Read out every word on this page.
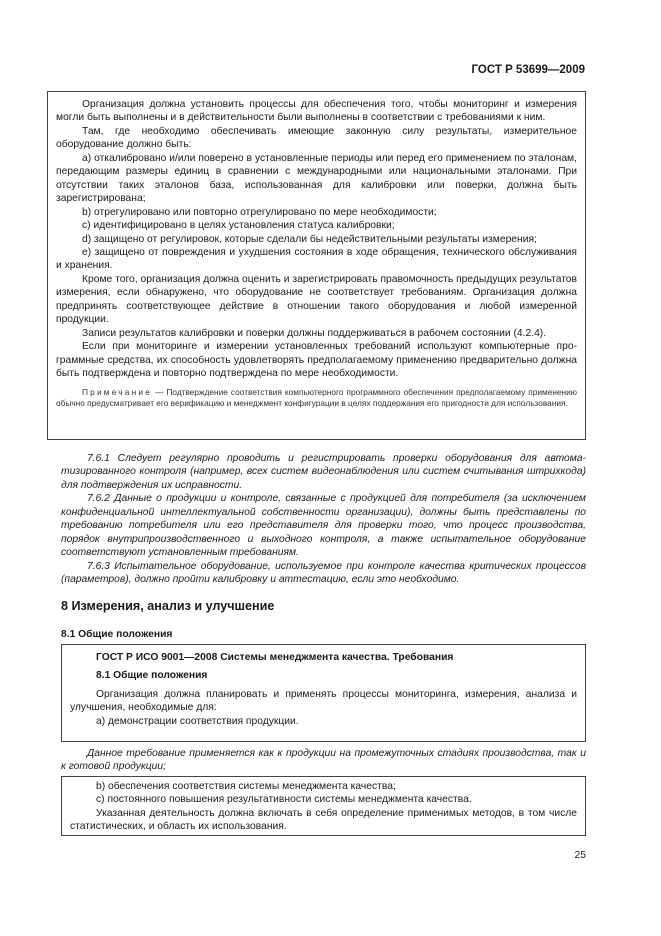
ГОСТ Р 53699—2009

Организация должна установить процессы для обеспечения того, чтобы мониторинг и измерения могли быть выполнены и в действительности были выполнены в соответствии с требованиями к ним.

Там, где необходимо обеспечивать имеющие законную силу результаты, измерительное оборудование должно быть:

а) откалибровано и/или поверено в установленные периоды или перед его применением по эталонам, передающим размеры единиц в сравнении с международными или национальными эталонами. При отсутствии таких эталонов база, использованная для калибровки или поверки, должна быть зарегистрирована;

b) отрегулировано или повторно отрегулировано по мере необходимости;

c) идентифицировано в целях установления статуса калибровки;

d) защищено от регулировок, которые сделали бы недействительными результаты измерения;

e) защищено от повреждения и ухудшения состояния в ходе обращения, технического обслуживания и хранения.

Кроме того, организация должна оценить и зарегистрировать правомочность предыдущих результатов измерения, если обнаружено, что оборудование не соответствует требованиям. Организация должна предпринять соответствующее действие в отношении такого оборудования и любой измеренной продукции.

Записи результатов калибровки и поверки должны поддерживаться в рабочем состоянии (4.2.4).

Если при мониторинге и измерении установленных требований используют компьютерные программные средства, их способность удовлетворять предполагаемому применению предварительно должна быть подтверждена и повторно подтверждена по мере необходимости.

Примечание — Подтверждение соответствия компьютерного программного обеспечения предполагаемому применению обычно предусматривает его верификацию и менеджмент конфигурации в целях поддержания его пригодности для использования.

7.6.1 Следует регулярно проводить и регистрировать проверки оборудования для автоматизированного контроля (например, всех систем видеонаблюдения или систем считывания штрихкода) для подтверждения их исправности.

7.6.2 Данные о продукции и контроле, связанные с продукцией для потребителя (за исключением конфиденциальной интеллектуальной собственности организации), должны быть представлены по требованию потребителя или его представителя для проверки того, что процесс производства, порядок внутрипроизводственного и выходного контроля, а также испытательное оборудование соответствуют установленным требованиям.

7.6.3 Испытательное оборудование, используемое при контроле качества критических процессов (параметров), должно пройти калибровку и аттестацию, если это необходимо.

8 Измерения, анализ и улучшение
8.1 Общие положения

ГОСТ Р ИСО 9001—2008 Системы менеджмента качества. Требования

8.1 Общие положения

Организация должна планировать и применять процессы мониторинга, измерения, анализа и улучшения, необходимые для:

а) демонстрации соответствия продукции.

Данное требование применяется как к продукции на промежуточных стадиях производства, так и к готовой продукции;

b) обеспечения соответствия системы менеджмента качества;

c) постоянного повышения результативности системы менеджмента качества.

Указанная деятельность должна включать в себя определение применимых методов, в том числе статистических, и область их использования.

25
